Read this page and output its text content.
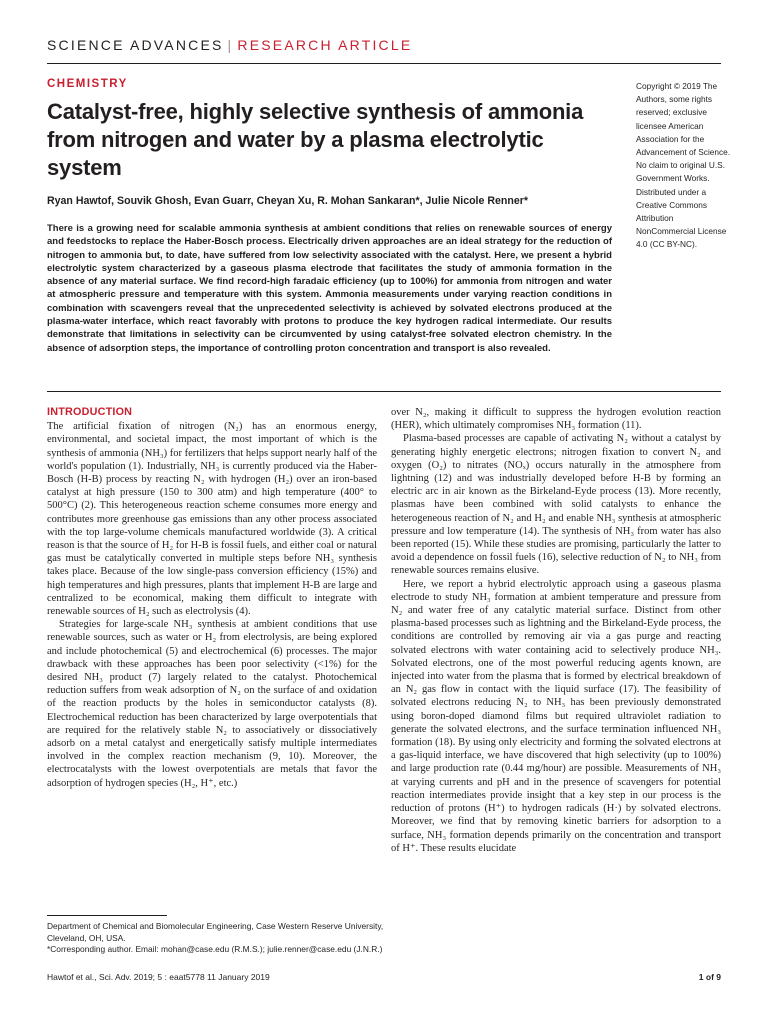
SCIENCE ADVANCES | RESEARCH ARTICLE
CHEMISTRY
Catalyst-free, highly selective synthesis of ammonia from nitrogen and water by a plasma electrolytic system
Copyright © 2019 The Authors, some rights reserved; exclusive licensee American Association for the Advancement of Science. No claim to original U.S. Government Works. Distributed under a Creative Commons Attribution NonCommercial License 4.0 (CC BY-NC).

Ryan Hawtof, Souvik Ghosh, Evan Guarr, Cheyan Xu, R. Mohan Sankaran*, Julie Nicole Renner*

There is a growing need for scalable ammonia synthesis at ambient conditions that relies on renewable sources of energy and feedstocks to replace the Haber-Bosch process. Electrically driven approaches are an ideal strategy for the reduction of nitrogen to ammonia but, to date, have suffered from low selectivity associated with the catalyst. Here, we present a hybrid electrolytic system characterized by a gaseous plasma electrode that facilitates the study of ammonia formation in the absence of any material surface. We find record-high faradaic efficiency (up to 100%) for ammonia from nitrogen and water at atmospheric pressure and temperature with this system. Ammonia measurements under varying reaction conditions in combination with scavengers reveal that the unprecedented selectivity is achieved by solvated electrons produced at the plasma-water interface, which react favorably with protons to produce the key hydrogen radical intermediate. Our results demonstrate that limitations in selectivity can be circumvented by using catalyst-free solvated electron chemistry. In the absence of adsorption steps, the importance of controlling proton concentration and transport is also revealed.

INTRODUCTION

The artificial fixation of nitrogen (N₂) has an enormous energy, environmental, and societal impact, the most important of which is the synthesis of ammonia (NH₃) for fertilizers that helps support nearly half of the world's population (1). Industrially, NH₃ is currently produced via the Haber-Bosch (H-B) process by reacting N₂ with hydrogen (H₂) over an iron-based catalyst at high pressure (150 to 300 atm) and high temperature (400° to 500°C) (2). This heterogeneous reaction scheme consumes more energy and contributes more greenhouse gas emissions than any other process associated with the top large-volume chemicals manufactured worldwide (3). A critical reason is that the source of H₂ for H-B is fossil fuels, and either coal or natural gas must be catalytically converted in multiple steps before NH₃ synthesis takes place. Because of the low single-pass conversion efficiency (15%) and high temperatures and high pressures, plants that implement H-B are large and centralized to be economical, making them difficult to integrate with renewable sources of H₂ such as electrolysis (4).

Strategies for large-scale NH₃ synthesis at ambient conditions that use renewable sources, such as water or H₂ from electrolysis, are being explored and include photochemical (5) and electrochemical (6) processes. The major drawback with these approaches has been poor selectivity (<1%) for the desired NH₃ product (7) largely related to the catalyst. Photochemical reduction suffers from weak adsorption of N₂ on the surface of and oxidation of the reaction products by the holes in semiconductor catalysts (8). Electrochemical reduction has been characterized by large overpotentials that are required for the relatively stable N₂ to associatively or dissociatively adsorb on a metal catalyst and energetically satisfy multiple intermediates involved in the complex reaction mechanism (9, 10). Moreover, the electrocatalysts with the lowest overpotentials are metals that favor the adsorption of hydrogen species (H₂, H⁺, etc.)

over N₂, making it difficult to suppress the hydrogen evolution reaction (HER), which ultimately compromises NH₃ formation (11).

Plasma-based processes are capable of activating N₂ without a catalyst by generating highly energetic electrons; nitrogen fixation to convert N₂ and oxygen (O₂) to nitrates (NOₓ) occurs naturally in the atmosphere from lightning (12) and was industrially developed before H-B by forming an electric arc in air known as the Birkeland-Eyde process (13). More recently, plasmas have been combined with solid catalysts to enhance the heterogeneous reaction of N₂ and H₂ and enable NH₃ synthesis at atmospheric pressure and low temperature (14). The synthesis of NH₃ from water has also been reported (15). While these studies are promising, particularly the latter to avoid a dependence on fossil fuels (16), selective reduction of N₂ to NH₃ from renewable sources remains elusive.

Here, we report a hybrid electrolytic approach using a gaseous plasma electrode to study NH₃ formation at ambient temperature and pressure from N₂ and water free of any catalytic material surface. Distinct from other plasma-based processes such as lightning and the Birkeland-Eyde process, the conditions are controlled by removing air via a gas purge and reacting solvated electrons with water containing acid to selectively produce NH₃. Solvated electrons, one of the most powerful reducing agents known, are injected into water from the plasma that is formed by electrical breakdown of an N₂ gas flow in contact with the liquid surface (17). The feasibility of solvated electrons reducing N₂ to NH₃ has been previously demonstrated using boron-doped diamond films but required ultraviolet radiation to generate the solvated electrons, and the surface termination influenced NH₃ formation (18). By using only electricity and forming the solvated electrons at a gas-liquid interface, we have discovered that high selectivity (up to 100%) and large production rate (0.44 mg/hour) are possible. Measurements of NH₃ at varying currents and pH and in the presence of scavengers for potential reaction intermediates provide insight that a key step in our process is the reduction of protons (H⁺) to hydrogen radicals (H·) by solvated electrons. Moreover, we find that by removing kinetic barriers for adsorption to a surface, NH₃ formation depends primarily on the concentration and transport of H⁺. These results elucidate

Department of Chemical and Biomolecular Engineering, Case Western Reserve University, Cleveland, OH, USA.
*Corresponding author. Email: mohan@case.edu (R.M.S.); julie.renner@case.edu (J.N.R.)
Hawtof et al., Sci. Adv. 2019; 5 : eaat5778 11 January 2019	1 of 9
